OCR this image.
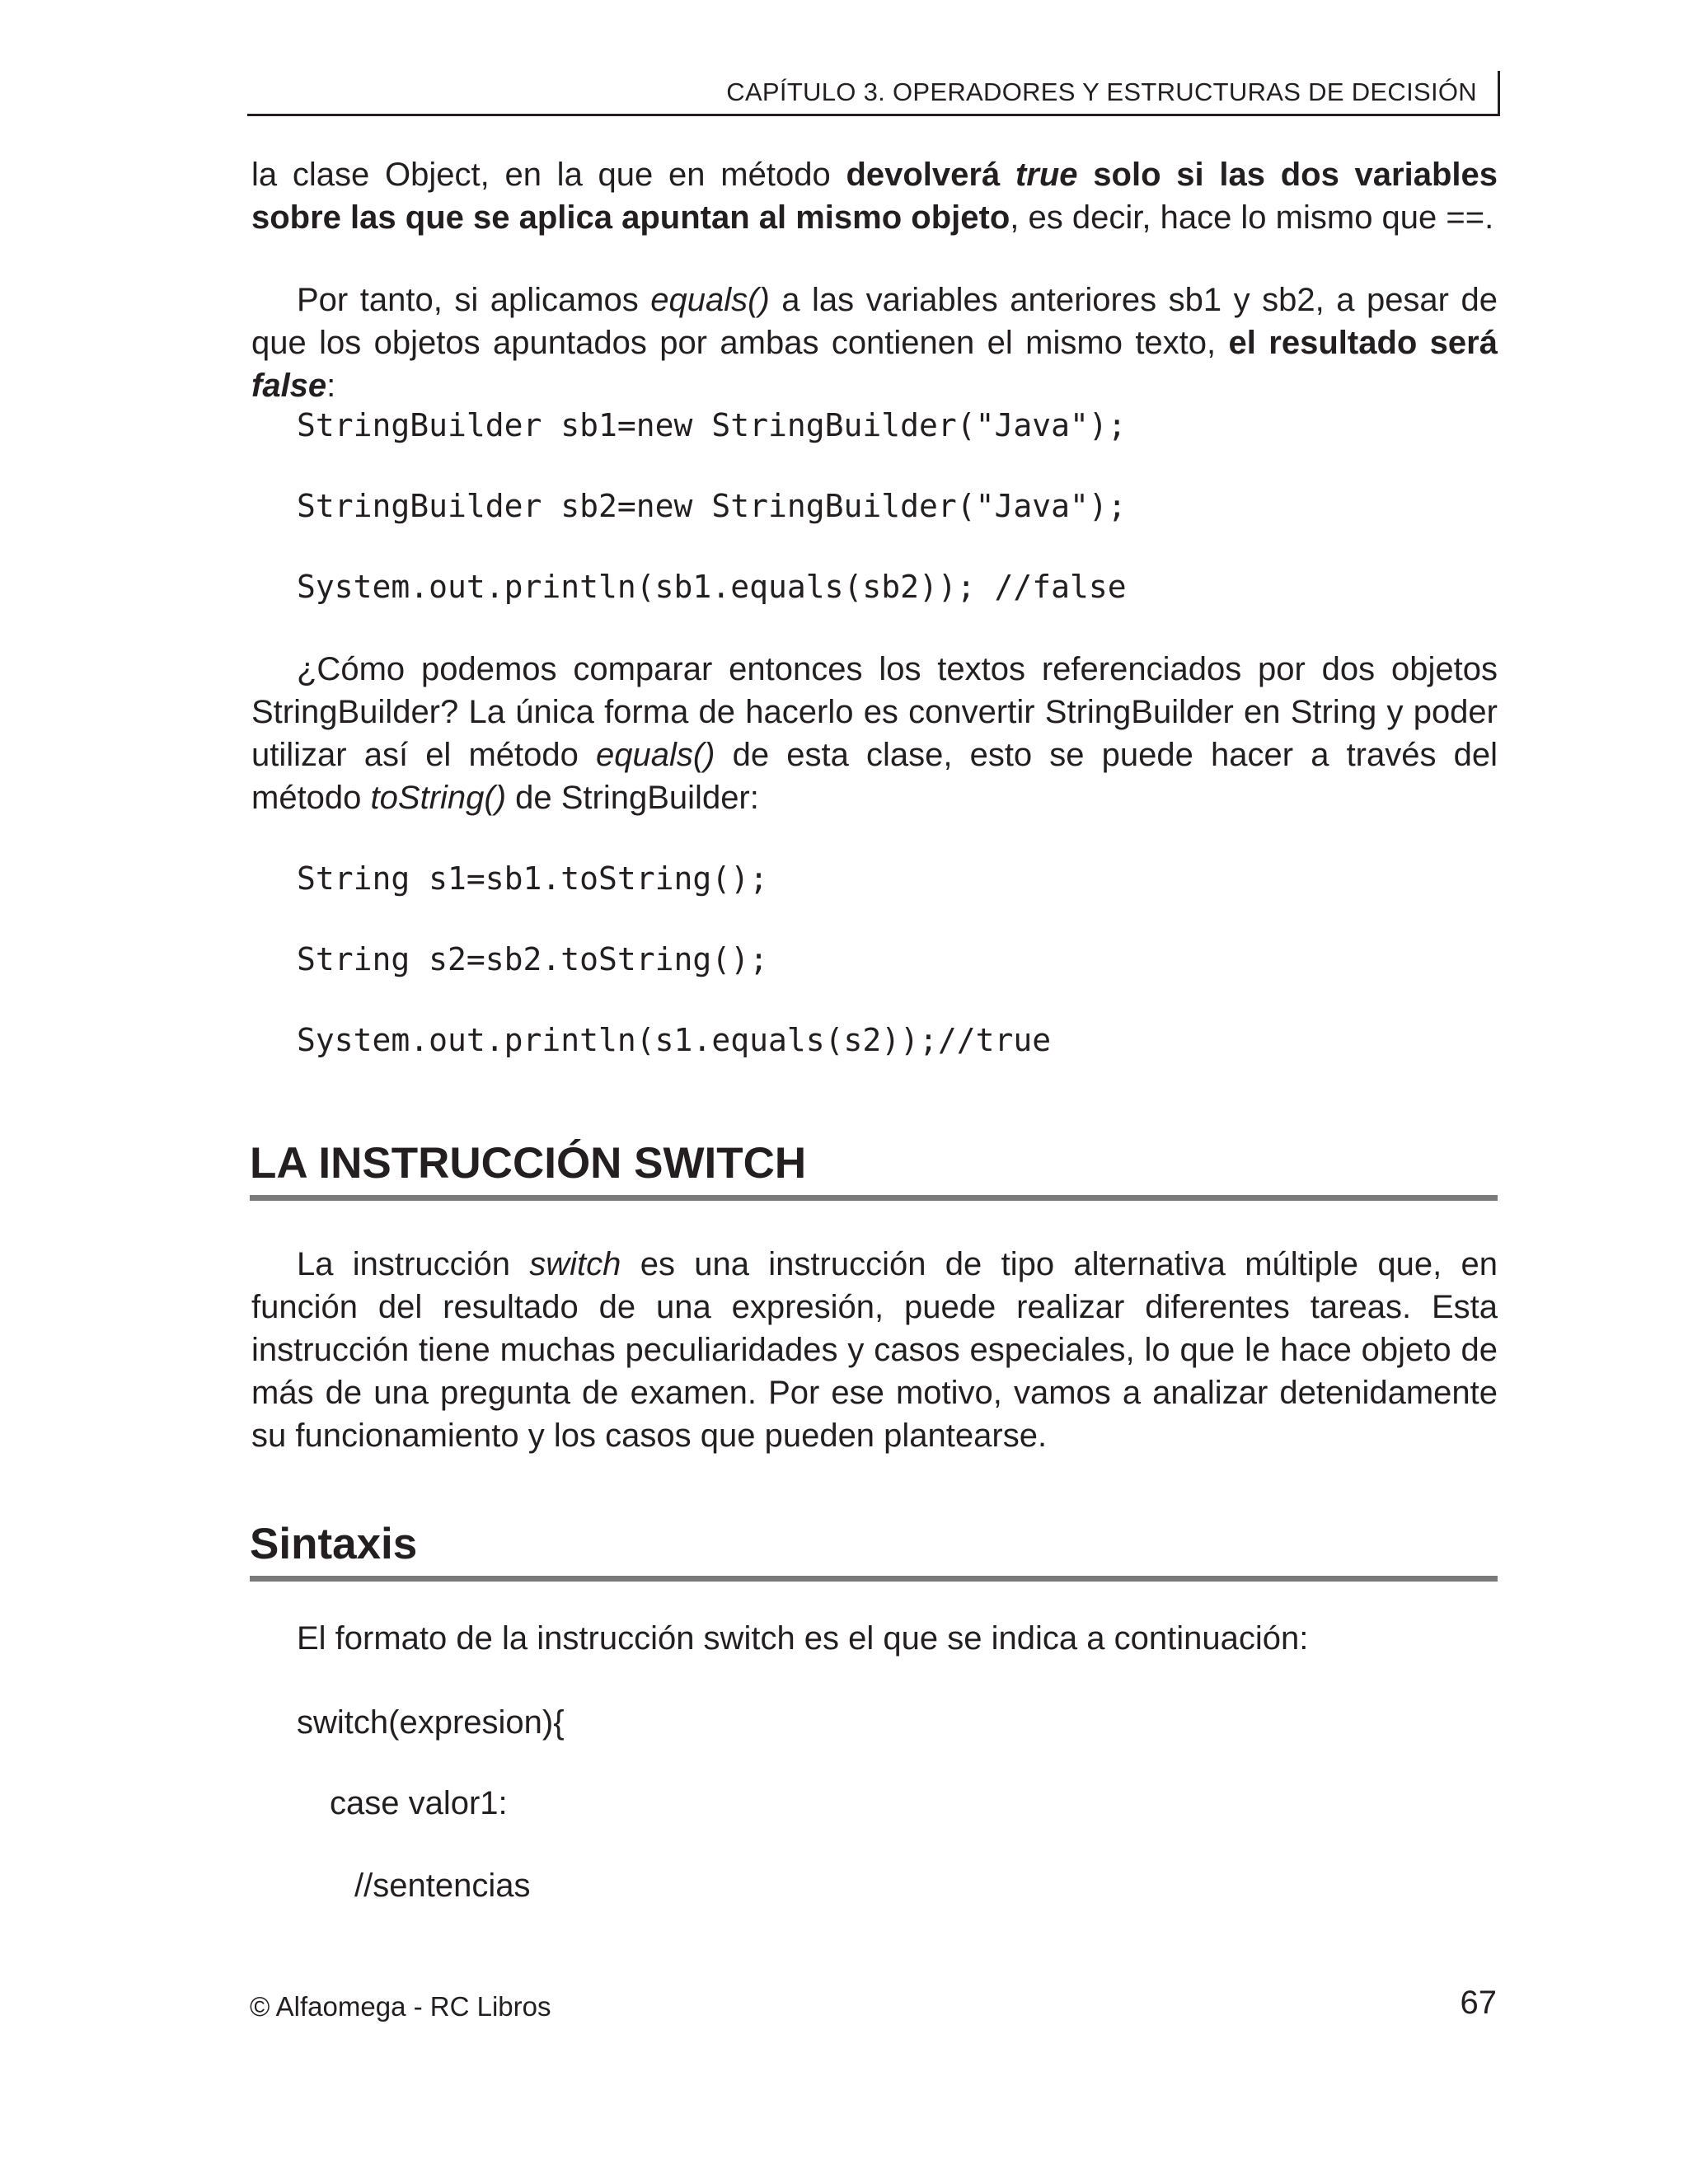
CAPÍTULO 3. OPERADORES Y ESTRUCTURAS DE DECISIÓN

la clase Object, en la que en método devolverá true solo si las dos variables sobre las que se aplica apuntan al mismo objeto, es decir, hace lo mismo que ==.

Por tanto, si aplicamos equals() a las variables anteriores sb1 y sb2, a pesar de que los objetos apuntados por ambas contienen el mismo texto, el resultado será false:

StringBuilder sb1=new StringBuilder("Java");
StringBuilder sb2=new StringBuilder("Java");
System.out.println(sb1.equals(sb2)); //false

¿Cómo podemos comparar entonces los textos referenciados por dos objetos StringBuilder? La única forma de hacerlo es convertir StringBuilder en String y poder utilizar así el método equals() de esta clase, esto se puede hacer a través del método toString() de StringBuilder:

String s1=sb1.toString();
String s2=sb2.toString();
System.out.println(s1.equals(s2));//true
LA INSTRUCCIÓN SWITCH

La instrucción switch es una instrucción de tipo alternativa múltiple que, en función del resultado de una expresión, puede realizar diferentes tareas. Esta instrucción tiene muchas peculiaridades y casos especiales, lo que le hace objeto de más de una pregunta de examen. Por ese motivo, vamos a analizar detenidamente su funcionamiento y los casos que pueden plantearse.

Sintaxis

El formato de la instrucción switch es el que se indica a continuación:

switch(expresion){

case valor1:

//sentencias

© Alfaomega - RC Libros	67
